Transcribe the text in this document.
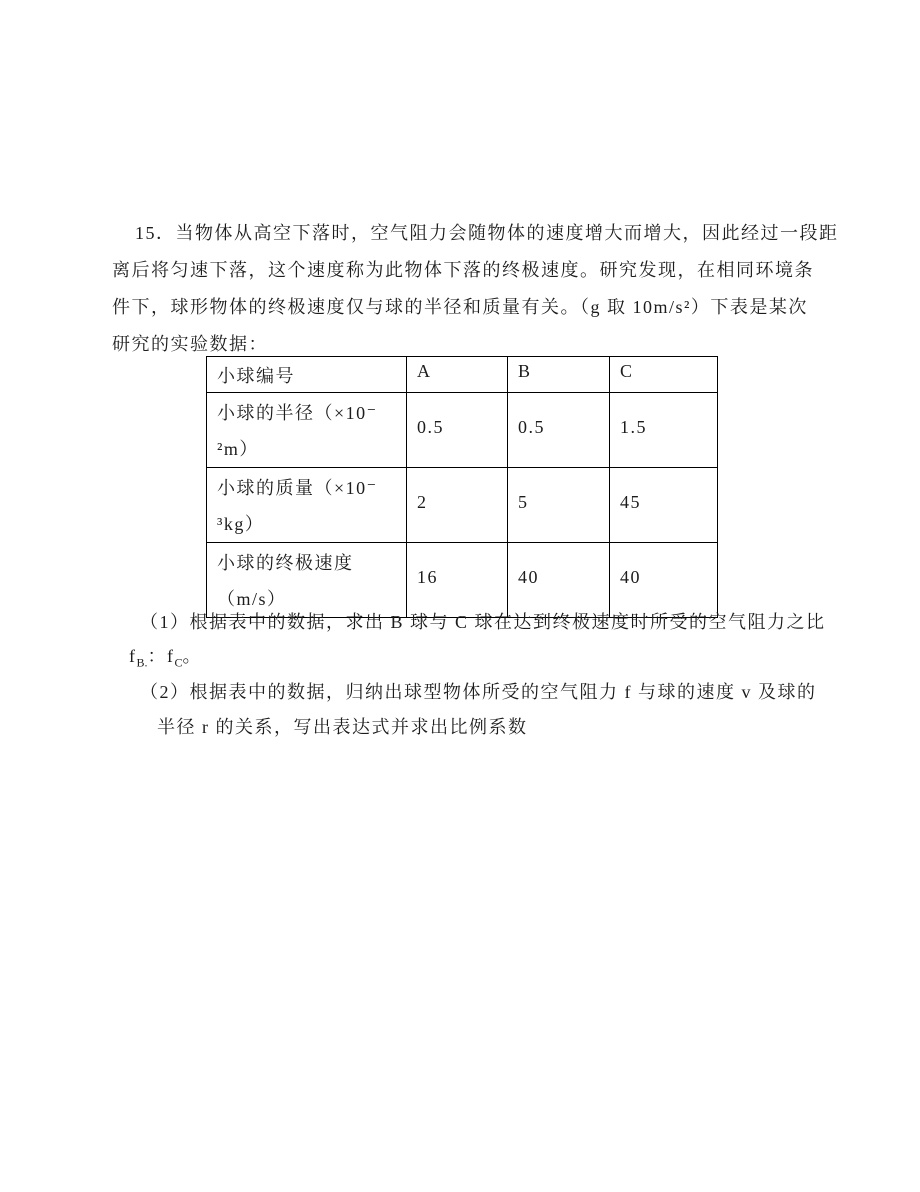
15．当物体从高空下落时，空气阻力会随物体的速度增大而增大，因此经过一段距
离后将匀速下落，这个速度称为此物体下落的终极速度。研究发现，在相同环境条
件下，球形物体的终极速度仅与球的半径和质量有关。（g 取 10m/s²）下表是某次
研究的实验数据：
小球编号	A	B	C

小球的半径（×10⁻
²m）	0.5	0.5	1.5

小球的质量（×10⁻
³kg）	2	5	45

小球的终极速度
（m/s）	16	40	40
（1）根据表中的数据，求出 B 球与 C 球在达到终极速度时所受的空气阻力之比
$f_{B.}$：$f_C$。
（2）根据表中的数据，归纳出球型物体所受的空气阻力 f 与球的速度 v 及球的
半径 r 的关系，写出表达式并求出比例系数
